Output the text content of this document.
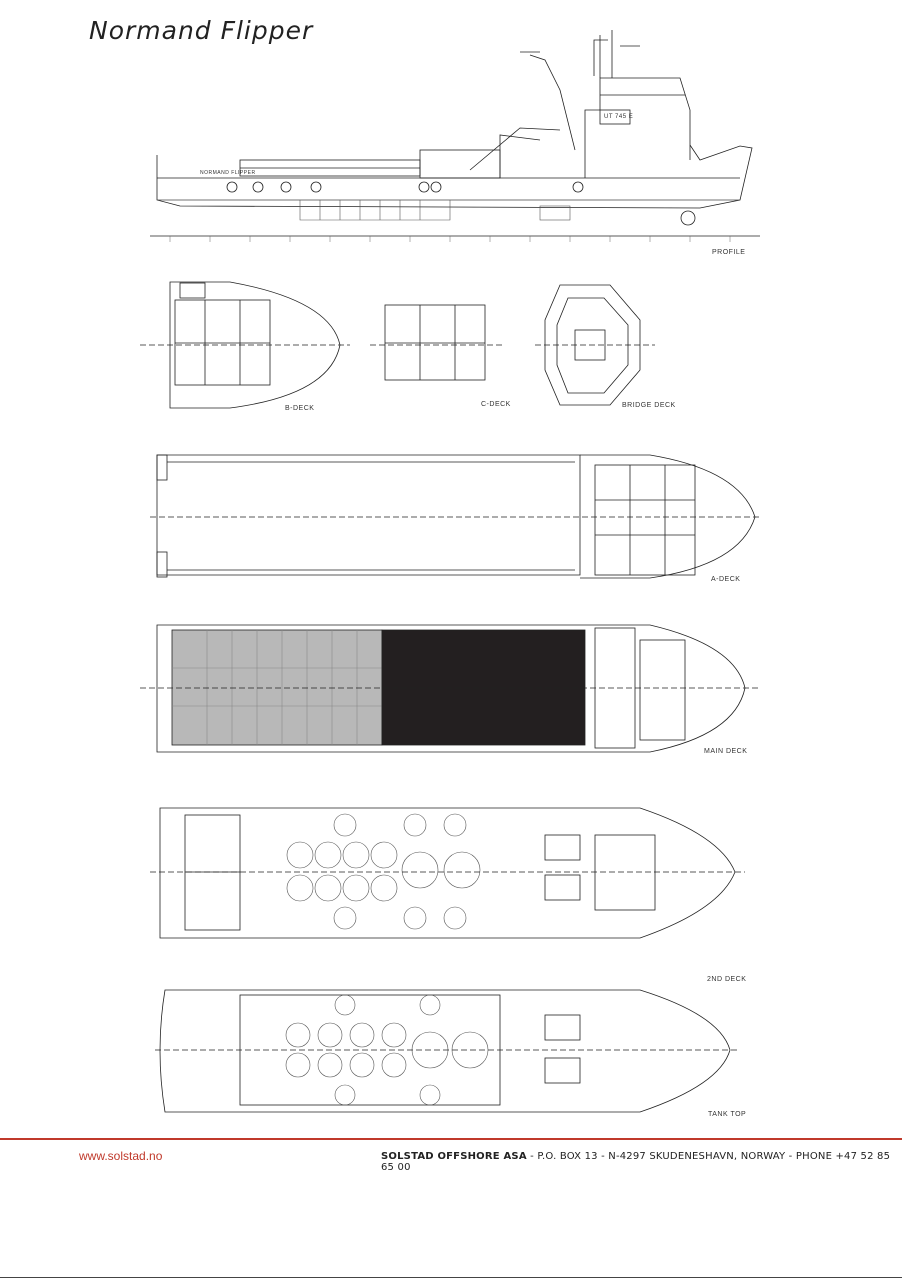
Normand Flipper
UT 745 E
NORMAND FLIPPER
PROFILE
B-DECK
C-DECK	BRIDGE DECK
A-DECK
MAIN DECK
2ND DECK
TANK TOP
www.solstad.no	SOLSTAD OFFSHORE ASA - P.O. BOX 13 - N-4297 SKUDENESHAVN, NORWAY - PHONE +47 52 85 65 00
